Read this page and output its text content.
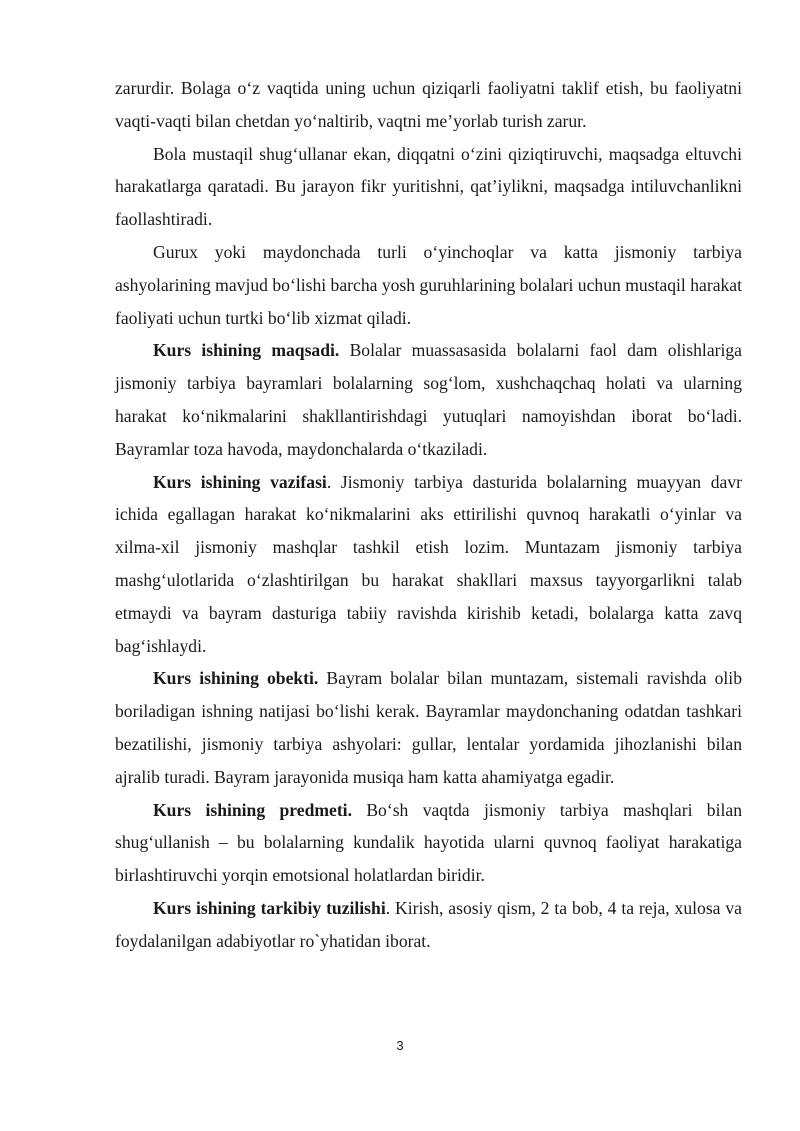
zarurdir. Bolaga oʻz vaqtida uning uchun qiziqarli faoliyatni taklif etish, bu faoliyatni vaqti-vaqti bilan chetdan yoʻnaltirib, vaqtni meʼyorlab turish zarur.

Bola mustaqil shugʻullanar ekan, diqqatni oʻzini qiziqtiruvchi, maqsadga eltuvchi harakatlarga qaratadi. Bu jarayon fikr yuritishni, qatʼiylikni, maqsadga intiluvchanlikni faollashtiradi.

Gurux yoki maydonchada turli oʻyinchoqlar va katta jismoniy tarbiya ashyolarining mavjud boʻlishi barcha yosh guruhlarining bolalari uchun mustaqil harakat faoliyati uchun turtki boʻlib xizmat qiladi.

Kurs ishining maqsadi. Bolalar muassasasida bolalarni faol dam olishlariga jismoniy tarbiya bayramlari bolalarning sogʻlom, xushchaqchaq holati va ularning harakat koʻnikmalarini shakllantirishdagi yutuqlari namoyishdan iborat boʻladi. Bayramlar toza havoda, maydonchalarda oʻtkaziladi.

Kurs ishining vazifasi. Jismoniy tarbiya dasturida bolalarning muayyan davr ichida egallagan harakat koʻnikmalarini aks ettirilishi quvnoq harakatli oʻyinlar va xilma-xil jismoniy mashqlar tashkil etish lozim. Muntazam jismoniy tarbiya mashgʻulotlarida oʻzlashtirilgan bu harakat shakllari maxsus tayyorgarlikni talab etmaydi va bayram dasturiga tabiiy ravishda kirishib ketadi, bolalarga katta zavq bagʻishlaydi.

Kurs ishining obekti. Bayram bolalar bilan muntazam, sistemali ravishda olib boriladigan ishning natijasi boʻlishi kerak. Bayramlar maydonchaning odatdan tashkari bezatilishi, jismoniy tarbiya ashyolari: gullar, lentalar yordamida jihozlanishi bilan ajralib turadi. Bayram jarayonida musiqa ham katta ahamiyatga egadir.

Kurs ishining predmeti. Boʻsh vaqtda jismoniy tarbiya mashqlari bilan shugʻullanish – bu bolalarning kundalik hayotida ularni quvnoq faoliyat harakatiga birlashtiruvchi yorqin emotsional holatlardan biridir.

Kurs ishining tarkibiy tuzilishi. Kirish, asosiy qism, 2 ta bob, 4 ta reja, xulosa va foydalanilgan adabiyotlar ro`yhatidan iborat.

3
